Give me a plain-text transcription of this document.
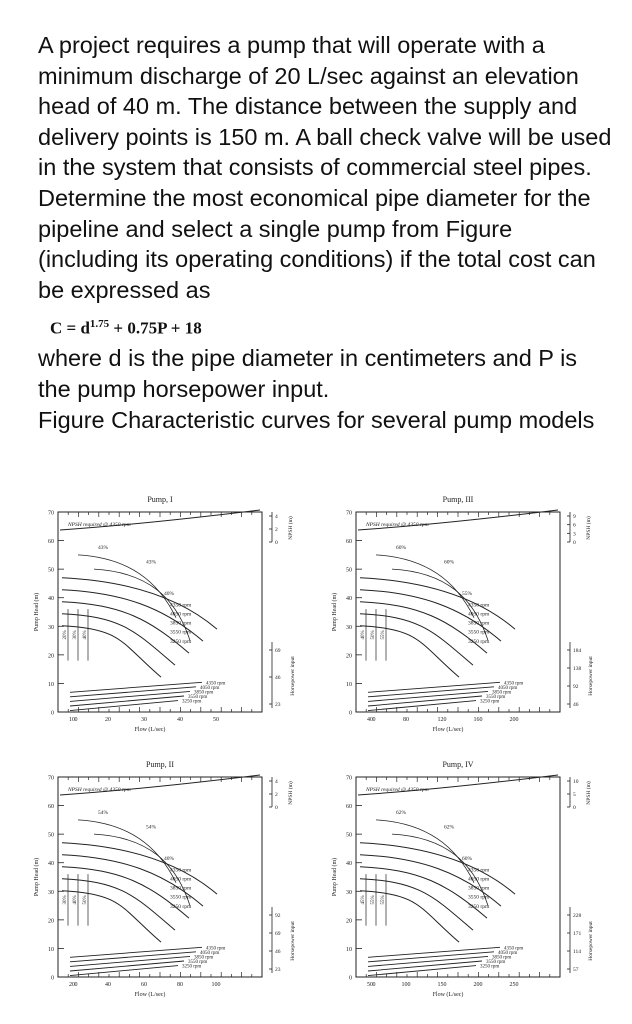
A project requires a pump that will operate with a minimum discharge of 20 L/sec against an elevation head of 40 m. The distance between the supply and delivery points is 150 m. A ball check valve will be used in the system that consists of commercial steel pipes. Determine the most economical pipe diameter for the pipeline and select a single pump from Figure (including its operating conditions) if the total cost can be expressed as

$C = d^{1.75} + 0.75P + 18$

where d is the pipe diameter in centimeters and P is the pump horsepower input.

Figure Characteristic curves for several pump models

Pump, I
0
10
20
30
40
50
60
70
Pump Head (m)
10	20	30	40	50
0
Flow (L/sec)
NPSH required @ 4350 rpm
4
2
0
NPSH (m)
69
46
23
Horsepower input
20% 30% 40%
43%
43%
40%
4350 rpm
4050 rpm
3850 rpm
3550 rpm
3250 rpm
4350 rpm
4050 rpm
3850 rpm
3550 rpm
3250 rpm
Pump, III
0
10
20
30
40
50
60
70
Pump Head (m)
40	80	120	160	200
0
Flow (L/sec)
NPSH required @ 4350 rpm
9
6
3
0
NPSH (m)
184
138
92
46
Horsepower input
40% 50% 55%
60%
60%
55%
4350 rpm
4050 rpm
3850 rpm
3550 rpm
3250 rpm
4350 rpm
4050 rpm
3850 rpm
3550 rpm
3250 rpm
Pump, II
0
10
20
30
40
50
60
70
Pump Head (m)
20	40	60	80	100
0
Flow (L/sec)
NPSH required @ 4350 rpm
4
2
0
NPSH (m)
92
69
46
23
Horsepower input
30% 40% 50%
54%
54%
40%
4350 rpm
4050 rpm
3850 rpm
3550 rpm
3250 rpm
4350 rpm
4050 rpm
3850 rpm
3550 rpm
3250 rpm
Pump, IV
0
10
20
30
40
50
60
70
Pump Head (m)
50	100	150	200	250
0
Flow (L/sec)
NPSH required @ 4350 rpm
10
5
0
NPSH (m)
228
171
114
57
Horsepower input
45% 55% 55%
62%
62%
60%
4350 rpm
4050 rpm
3850 rpm
3550 rpm
3250 rpm
4350 rpm
4050 rpm
3850 rpm
3550 rpm
3250 rpm
